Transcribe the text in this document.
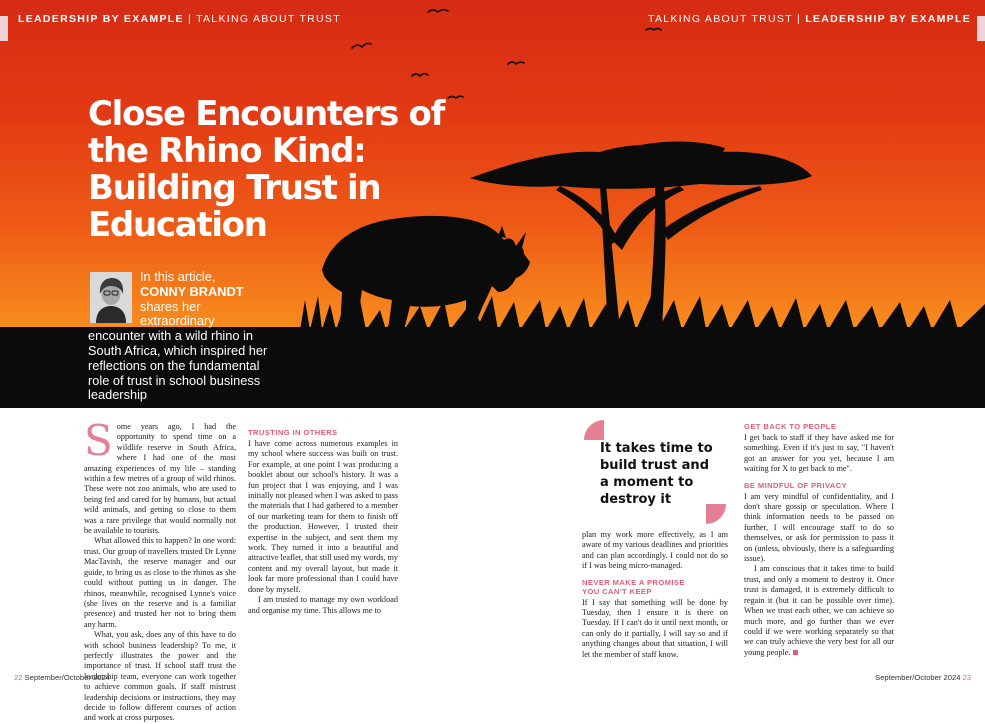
LEADERSHIP BY EXAMPLE | TALKING ABOUT TRUST	TALKING ABOUT TRUST | LEADERSHIP BY EXAMPLE
Close Encounters of the Rhino Kind: Building Trust in Education
In this article,
CONNY BRANDT
shares her
extraordinary
encounter with a wild rhino in South Africa, which inspired her reflections on the fundamental role of trust in school business leadership

Some years ago, I had the opportunity to spend time on a wildlife reserve in South Africa, where I had one of the most amazing experiences of my life – standing within a few metres of a group of wild rhinos. These were not zoo animals, who are used to being fed and cared for by humans, but actual wild animals, and getting so close to them was a rare privilege that would normally not be available to tourists.

What allowed this to happen? In one word: trust. Our group of travellers trusted Dr Lynne MacTavish, the reserve manager and our guide, to bring us as close to the rhinos as she could without putting us in danger. The rhinos, meanwhile, recognised Lynne's voice (she lives on the reserve and is a familiar presence) and trusted her not to bring them any harm.

What, you ask, does any of this have to do with school business leadership? To me, it perfectly illustrates the power and the importance of trust. If school staff trust the leadership team, everyone can work together to achieve common goals. If staff mistrust leadership decisions or instructions, they may decide to follow different courses of action and work at cross purposes.

TRUSTING IN OTHERS

I have come across numerous examples in my school where success was built on trust. For example, at one point I was producing a booklet about our school's history. It was a fun project that I was enjoying, and I was initially not pleased when I was asked to pass the materials that I had gathered to a member of our marketing team for them to finish off the production. However, I trusted their expertise in the subject, and sent them my work. They turned it into a beautiful and attractive leaflet, that still used my words, my content and my overall layout, but made it look far more professional than I could have done by myself.

I am trusted to manage my own workload and organise my time. This allows me to

It takes time to build trust and a moment to destroy it

plan my work more effectively, as I am aware of my various deadlines and priorities and can plan accordingly. I could not do so if I was being micro-managed.

NEVER MAKE A PROMISE
YOU CAN'T KEEP

If I say that something will be done by Tuesday, then I ensure it is there on Tuesday. If I can't do it until next month, or can only do it partially, I will say so and if anything changes about that situation, I will let the member of staff know.

GET BACK TO PEOPLE

I get back to staff if they have asked me for something. Even if it's just to say, "I haven't got an answer for you yet, because I am waiting for X to get back to me".

BE MINDFUL OF PRIVACY

I am very mindful of confidentiality, and I don't share gossip or speculation. Where I think information needs to be passed on further, I will encourage staff to do so themselves, or ask for permission to pass it on (unless, obviously, there is a safeguarding issue).

I am conscious that it takes time to build trust, and only a moment to destroy it. Once trust is damaged, it is extremely difficult to regain it (but it can be possible over time). When we trust each other, we can achieve so much more, and go further than we ever could if we were working separately so that we can truly achieve the very best for all our young people.

22 September/October 2024	September/October 2024 23
